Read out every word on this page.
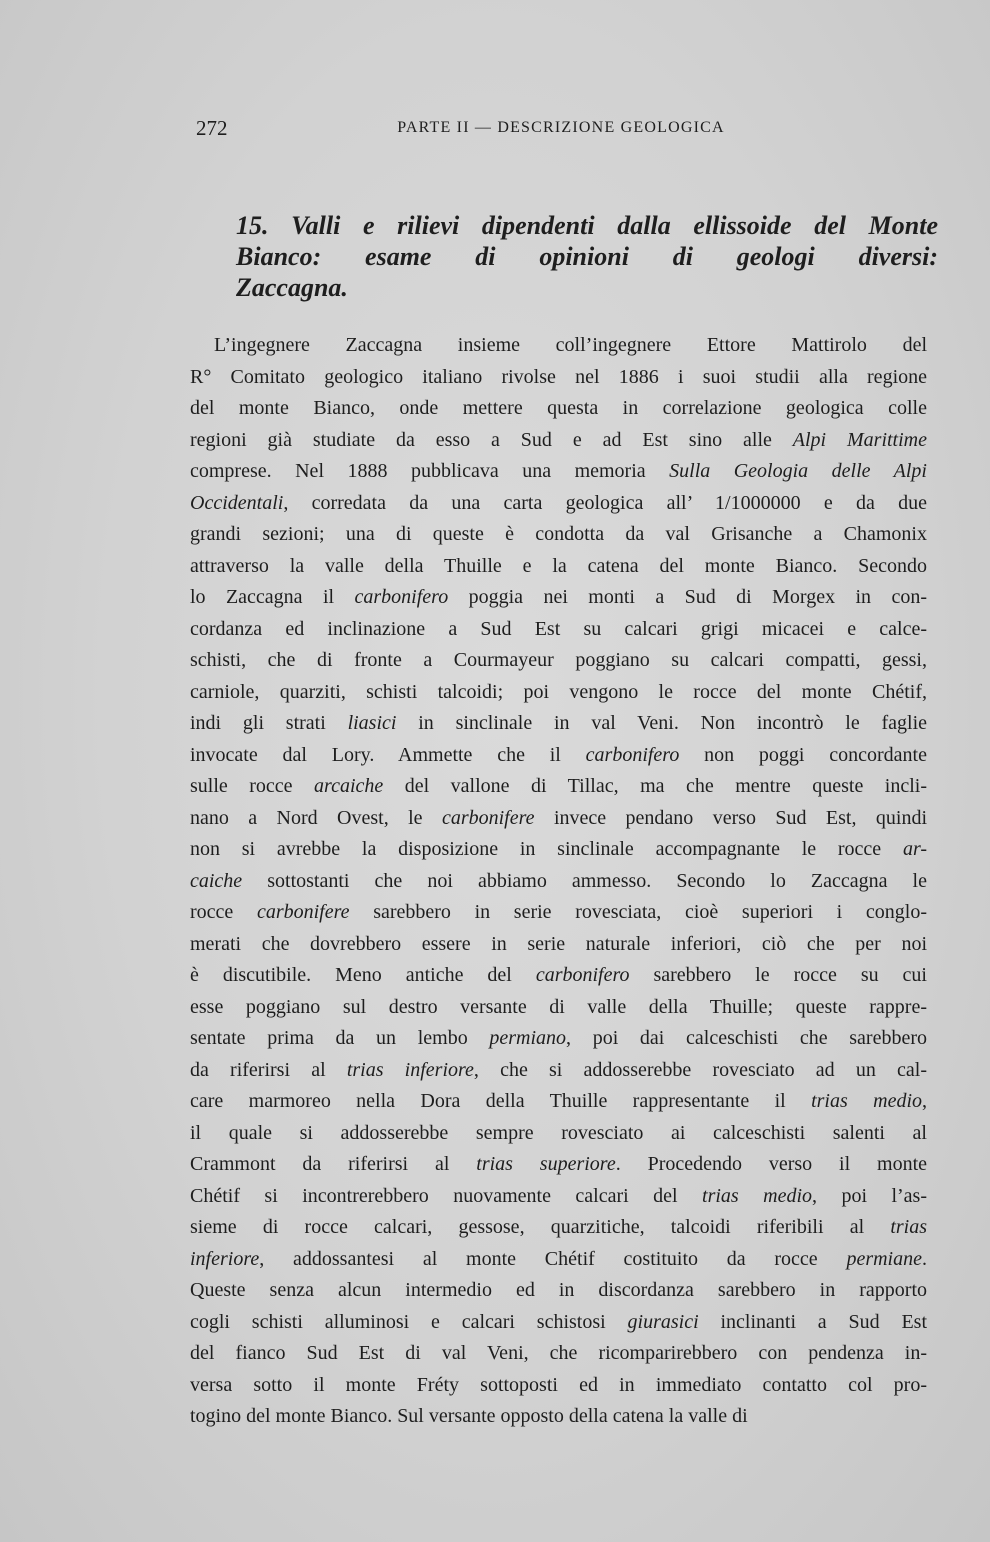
272	PARTE II — DESCRIZIONE GEOLOGICA
15. Valli e rilievi dipendenti dalla ellissoide del Monte
Bianco: esame di opinioni di geologi diversi:
Zaccagna.
L’ingegnere Zaccagna insieme coll’ingegnere Ettore Mattirolo del
R° Comitato geologico italiano rivolse nel 1886 i suoi studii alla regione
del monte Bianco, onde mettere questa in correlazione geologica colle
regioni già studiate da esso a Sud e ad Est sino alle Alpi Marittime
comprese. Nel 1888 pubblicava una memoria Sulla Geologia delle Alpi
Occidentali, corredata da una carta geologica all’ 1/1000000 e da due
grandi sezioni; una di queste è condotta da val Grisanche a Chamonix
attraverso la valle della Thuille e la catena del monte Bianco. Secondo
lo Zaccagna il carbonifero poggia nei monti a Sud di Morgex in con-
cordanza ed inclinazione a Sud Est su calcari grigi micacei e calce-
schisti, che di fronte a Courmayeur poggiano su calcari compatti, gessi,
carniole, quarziti, schisti talcoidi; poi vengono le rocce del monte Chétif,
indi gli strati liasici in sinclinale in val Veni. Non incontrò le faglie
invocate dal Lory. Ammette che il carbonifero non poggi concordante
sulle rocce arcaiche del vallone di Tillac, ma che mentre queste incli-
nano a Nord Ovest, le carbonifere invece pendano verso Sud Est, quindi
non si avrebbe la disposizione in sinclinale accompagnante le rocce ar-
caiche sottostanti che noi abbiamo ammesso. Secondo lo Zaccagna le
rocce carbonifere sarebbero in serie rovesciata, cioè superiori i conglo-
merati che dovrebbero essere in serie naturale inferiori, ciò che per noi
è discutibile. Meno antiche del carbonifero sarebbero le rocce su cui
esse poggiano sul destro versante di valle della Thuille; queste rappre-
sentate prima da un lembo permiano, poi dai calceschisti che sarebbero
da riferirsi al trias inferiore, che si addosserebbe rovesciato ad un cal-
care marmoreo nella Dora della Thuille rappresentante il trias medio,
il quale si addosserebbe sempre rovesciato ai calceschisti salenti al
Crammont da riferirsi al trias superiore. Procedendo verso il monte
Chétif si incontrerebbero nuovamente calcari del trias medio, poi l’as-
sieme di rocce calcari, gessose, quarzitiche, talcoidi riferibili al trias
inferiore, addossantesi al monte Chétif costituito da rocce permiane.
Queste senza alcun intermedio ed in discordanza sarebbero in rapporto
cogli schisti alluminosi e calcari schistosi giurasici inclinanti a Sud Est
del fianco Sud Est di val Veni, che ricomparirebbero con pendenza in-
versa sotto il monte Fréty sottoposti ed in immediato contatto col pro-
togino del monte Bianco. Sul versante opposto della catena la valle di
